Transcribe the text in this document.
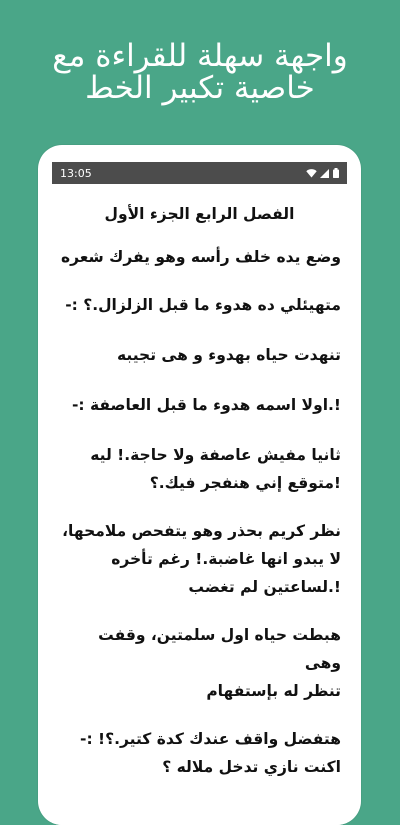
واجهة سهلة للقراءة مع
خاصية تكبير الخط
13:05

الفصل الرابع الجزء الأول

وضع يده خلف رأسه وهو يفرك شعره

متهيئلي ده هدوء ما قبل الزلزال.؟ :-

تنهدت حياه بهدوء و هى تجيبه

!.اولا اسمه هدوء ما قبل العاصفة :-

ثانيا مفيش عاصفة ولا حاجة.! ليه
!متوقع إني هنفجر فيك.؟

نظر كريم بحذر وهو يتفحص ملامحها،
لا يبدو انها غاضبة.! رغم تأخره
!.لساعتين لم تغضب

هبطت حياه اول سلمتين، وقفت وهى
تنظر له بإستفهام

هتفضل واقف عندك كدة كتير.؟! :-
اكنت نازي تدخل ملاله ؟
